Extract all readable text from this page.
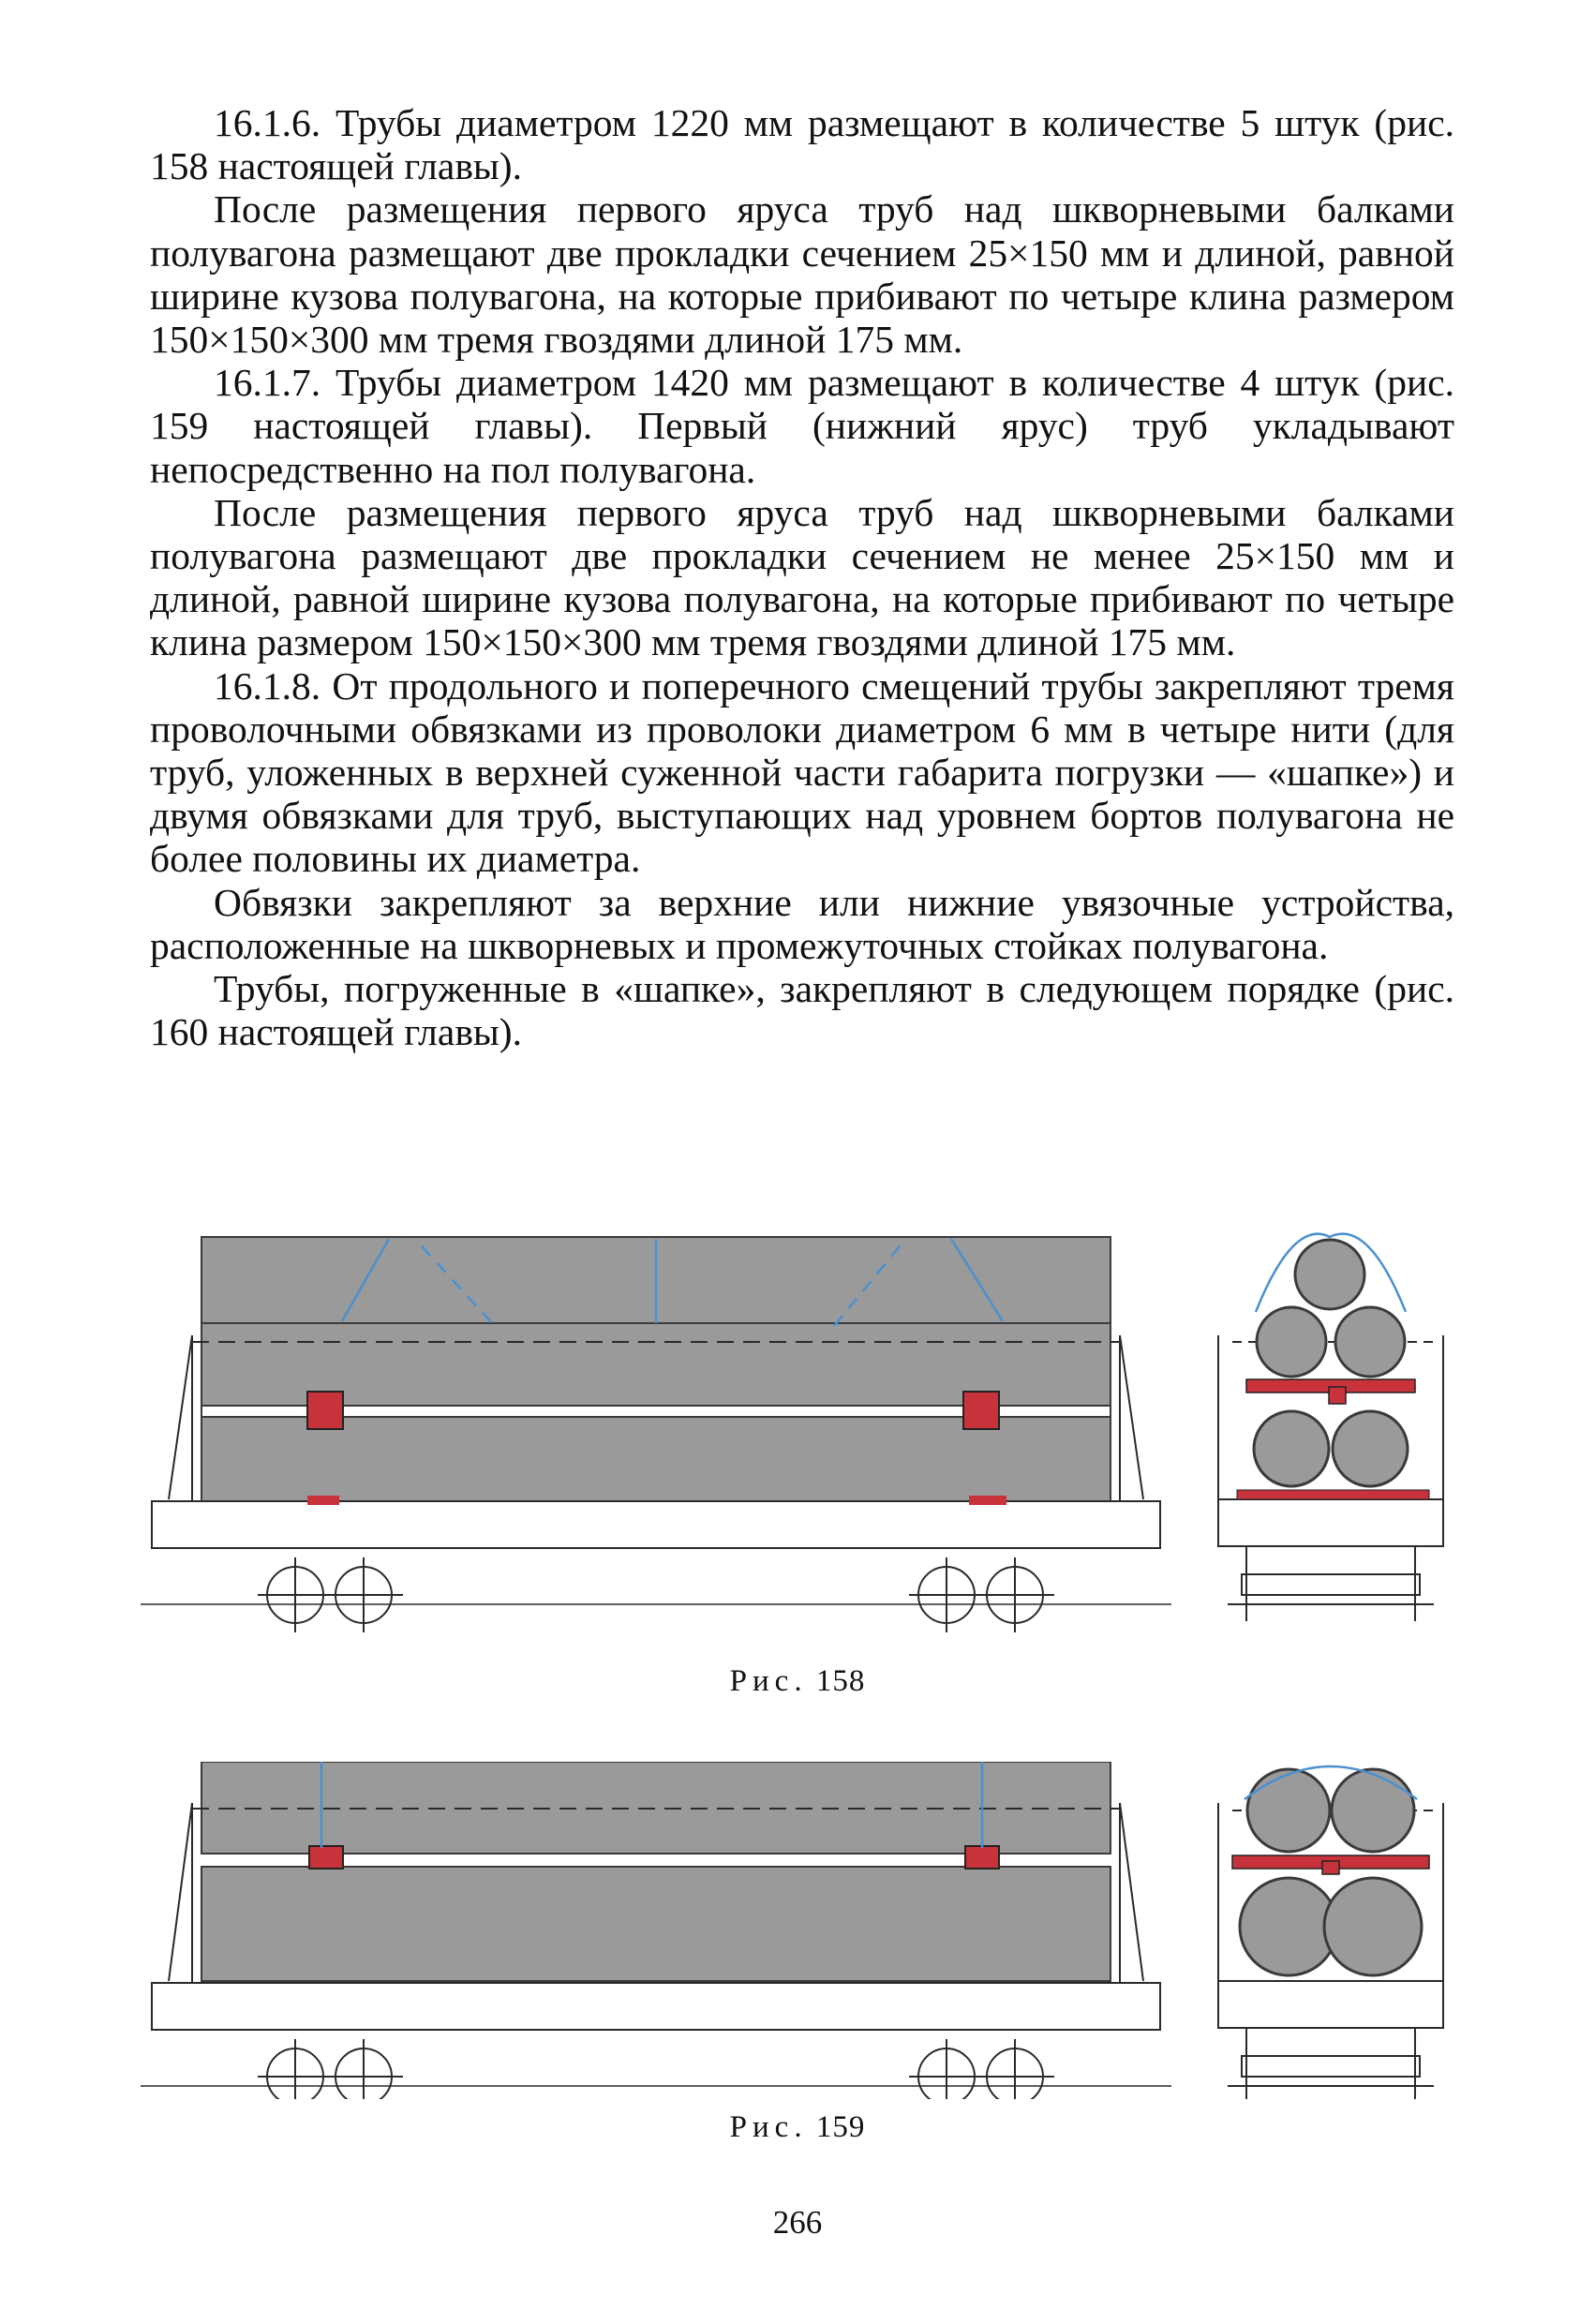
16.1.6. Трубы диаметром 1220 мм размещают в количестве 5 штук (рис. 158 настоящей главы).

После размещения первого яруса труб над шкворневыми балками полувагона размещают две прокладки сечением 25×150 мм и длиной, равной ширине кузова полувагона, на которые прибивают по четыре клина размером 150×150×300 мм тремя гвоздями длиной 175 мм.

16.1.7. Трубы диаметром 1420 мм размещают в количестве 4 штук (рис. 159 настоящей главы). Первый (нижний ярус) труб укладывают непосредственно на пол полувагона.

После размещения первого яруса труб над шкворневыми балками полувагона размещают две прокладки сечением не менее 25×150 мм и длиной, равной ширине кузова полувагона, на которые прибивают по четыре клина размером 150×150×300 мм тремя гвоздями длиной 175 мм.

16.1.8. От продольного и поперечного смещений трубы закрепляют тремя проволочными обвязками из проволоки диаметром 6 мм в четыре нити (для труб, уложенных в верхней суженной части габарита погрузки — «шапке») и двумя обвязками для труб, выступающих над уровнем бортов полувагона не более половины их диаметра.

Обвязки закрепляют за верхние или нижние увязочные устройства, расположенные на шкворневых и промежуточных стойках полувагона.

Трубы, погруженные в «шапке», закрепляют в следующем порядке (рис. 160 настоящей главы).

Рис. 158
Рис. 159
266
